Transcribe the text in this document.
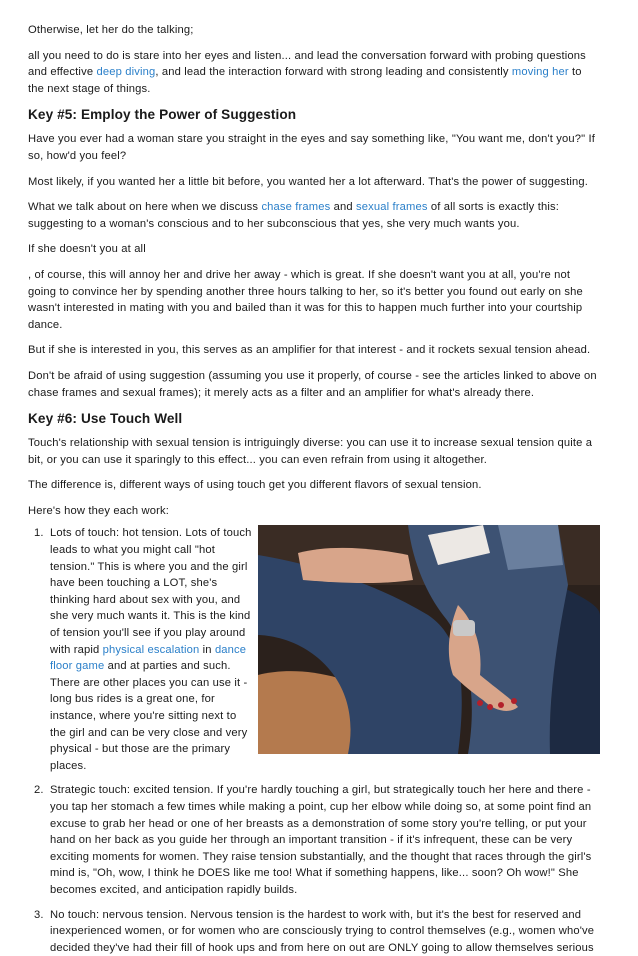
Otherwise, let her do the talking;

all you need to do is stare into her eyes and listen... and lead the conversation forward with probing questions and effective deep diving, and lead the interaction forward with strong leading and consistently moving her to the next stage of things.

Key #5: Employ the Power of Suggestion

Have you ever had a woman stare you straight in the eyes and say something like, "You want me, don't you?" If so, how'd you feel?

Most likely, if you wanted her a little bit before, you wanted her a lot afterward. That's the power of suggesting.

What we talk about on here when we discuss chase frames and sexual frames of all sorts is exactly this: suggesting to a woman's conscious and to her subconscious that yes, she very much wants you.

If she doesn't you at all

, of course, this will annoy her and drive her away - which is great. If she doesn't want you at all, you're not going to convince her by spending another three hours talking to her, so it's better you found out early on she wasn't interested in mating with you and bailed than it was for this to happen much further into your courtship dance.

But if she is interested in you, this serves as an amplifier for that interest - and it rockets sexual tension ahead.

Don't be afraid of using suggestion (assuming you use it properly, of course - see the articles linked to above on chase frames and sexual frames); it merely acts as a filter and an amplifier for what's already there.

Key #6: Use Touch Well

Touch's relationship with sexual tension is intriguingly diverse: you can use it to increase sexual tension quite a bit, or you can use it sparingly to this effect... you can even refrain from using it altogether.

The difference is, different ways of using touch get you different flavors of sexual tension.

Here's how they each work:

1. Lots of touch: hot tension. Lots of touch leads to what you might call "hot tension." This is where you and the girl have been touching a LOT, she's thinking hard about sex with you, and she very much wants it. This is the kind of tension you'll see if you play around with rapid physical escalation in dance floor game and at parties and such. There are other places you can use it - long bus rides is a great one, for instance, where you're sitting next to the girl and can be very close and very physical - but those are the primary places.
2. Strategic touch: excited tension. If you're hardly touching a girl, but strategically touch her here and there - you tap her stomach a few times while making a point, cup her elbow while doing so, at some point find an excuse to grab her head or one of her breasts as a demonstration of some story you're telling, or put your hand on her back as you guide her through an important transition - if it's infrequent, these can be very exciting moments for women. They raise tension substantially, and the thought that races through the girl's mind is, "Oh, wow, I think he DOES like me too! What if something happens, like... soon? Oh wow!" She becomes excited, and anticipation rapidly builds.
3. No touch: nervous tension. Nervous tension is the hardest to work with, but it's the best for reserved and inexperienced women, or for women who are consciously trying to control themselves (e.g., women who've decided they've had their fill of hook ups and from here on out are ONLY going to allow themselves serious
